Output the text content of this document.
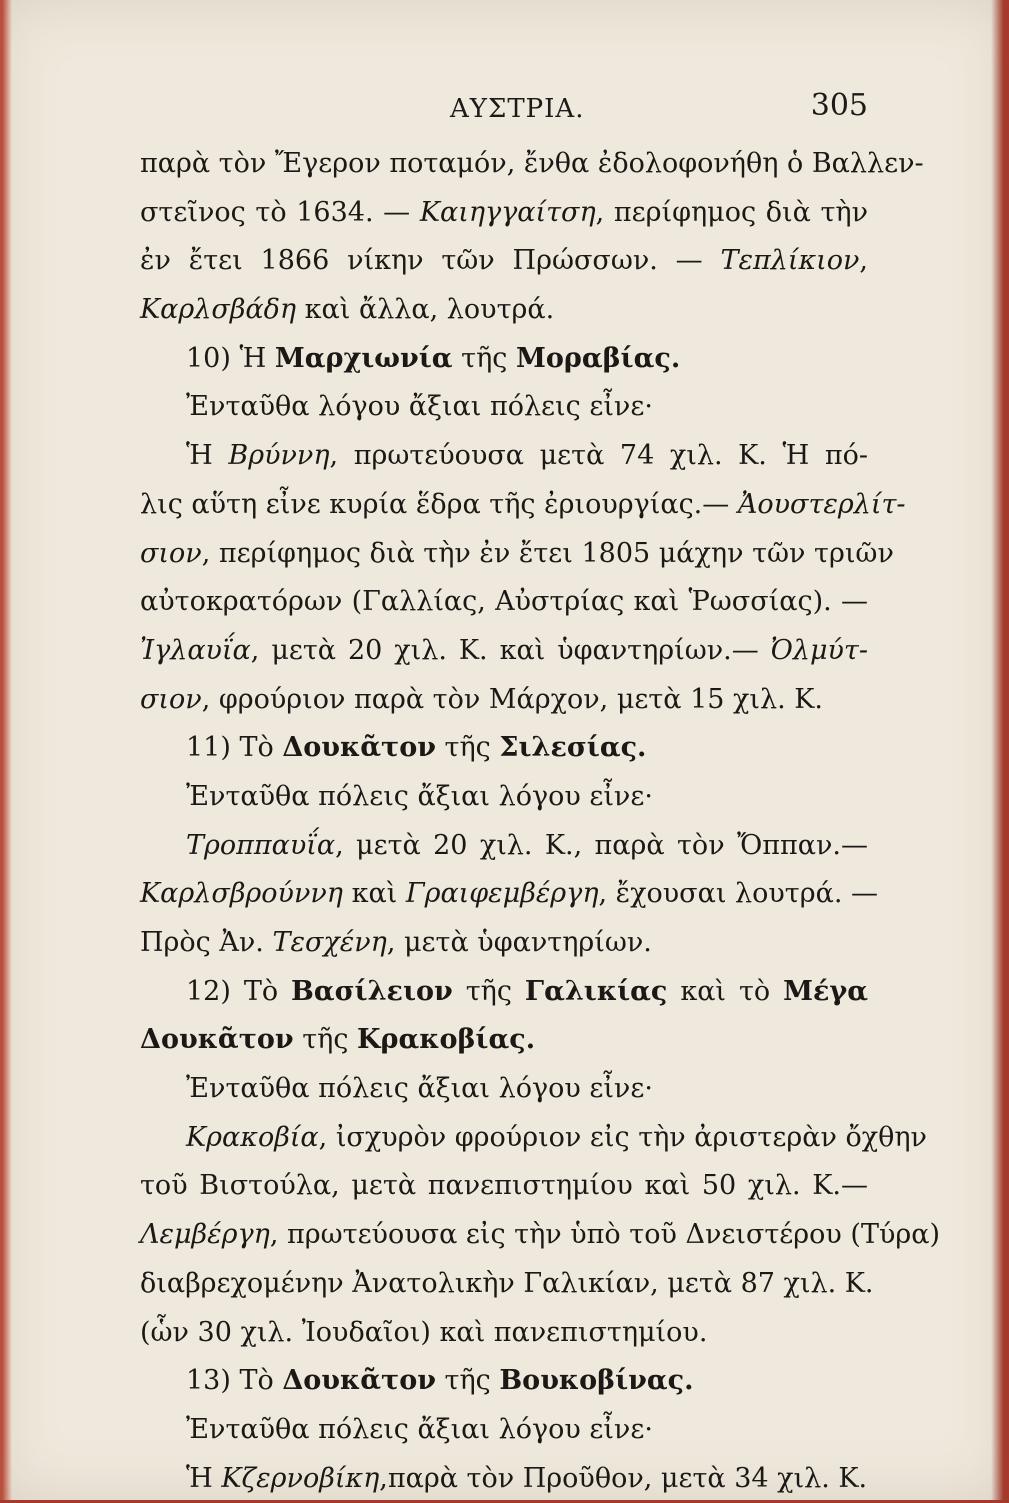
ΑΥΣΤΡΙΑ.	305
παρὰ τὸν Ἔγερον ποταμόν, ἔνθα ἐδολοφονήθη ὁ Βαλλεν-
στεῖνος τὸ 1634. — Καιηγγαίτση, περίφημος διὰ τὴν
ἐν ἔτει 1866 νίκην τῶν Πρώσσων. — Τεπλίκιον,
Καρλσβάδη καὶ ἄλλα, λουτρά.
10) Ἡ Μαρχιωνία τῆς Μοραβίας.
Ἐνταῦθα λόγου ἄξιαι πόλεις εἶνε·
Ἡ Βρύννη, πρωτεύουσα μετὰ 74 χιλ. Κ. Ἡ πό-
λις αὕτη εἶνε κυρία ἕδρα τῆς ἐριουργίας.— Ἀουστερλίτ-
σιον, περίφημος διὰ τὴν ἐν ἔτει 1805 μάχην τῶν τριῶν
αὐτοκρατόρων (Γαλλίας, Αὐστρίας καὶ Ῥωσσίας). —
Ἰγλαυΐα, μετὰ 20 χιλ. Κ. καὶ ὑφαντηρίων.— Ὀλμύτ-
σιον, φρούριον παρὰ τὸν Μάρχον, μετὰ 15 χιλ. Κ.
11) Τὸ Δουκᾶτον τῆς Σιλεσίας.
Ἐνταῦθα πόλεις ἄξιαι λόγου εἶνε·
Τροππαυΐα, μετὰ 20 χιλ. Κ., παρὰ τὸν Ὄππαν.—
Καρλσβρούννη καὶ Γραιφεμβέργη, ἔχουσαι λουτρά. —
Πρὸς Ἀν. Τεσχένη, μετὰ ὑφαντηρίων.
12) Τὸ Βασίλειον τῆς Γαλικίας καὶ τὸ Μέγα
Δουκᾶτον τῆς Κρακοβίας.
Ἐνταῦθα πόλεις ἄξιαι λόγου εἶνε·
Κρακοβία, ἰσχυρὸν φρούριον εἰς τὴν ἀριστερὰν ὄχθην
τοῦ Βιστούλα, μετὰ πανεπιστημίου καὶ 50 χιλ. Κ.—
Λεμβέργη, πρωτεύουσα εἰς τὴν ὑπὸ τοῦ Δνειστέρου (Τύρα)
διαβρεχομένην Ἀνατολικὴν Γαλικίαν, μετὰ 87 χιλ. Κ.
(ὧν 30 χιλ. Ἰουδαῖοι) καὶ πανεπιστημίου.
13) Τὸ Δουκᾶτον τῆς Βουκοβίνας.
Ἐνταῦθα πόλεις ἄξιαι λόγου εἶνε·
Ἡ Κζερνοβίκη,παρὰ τὸν Προῦθον, μετὰ 34 χιλ. Κ.
